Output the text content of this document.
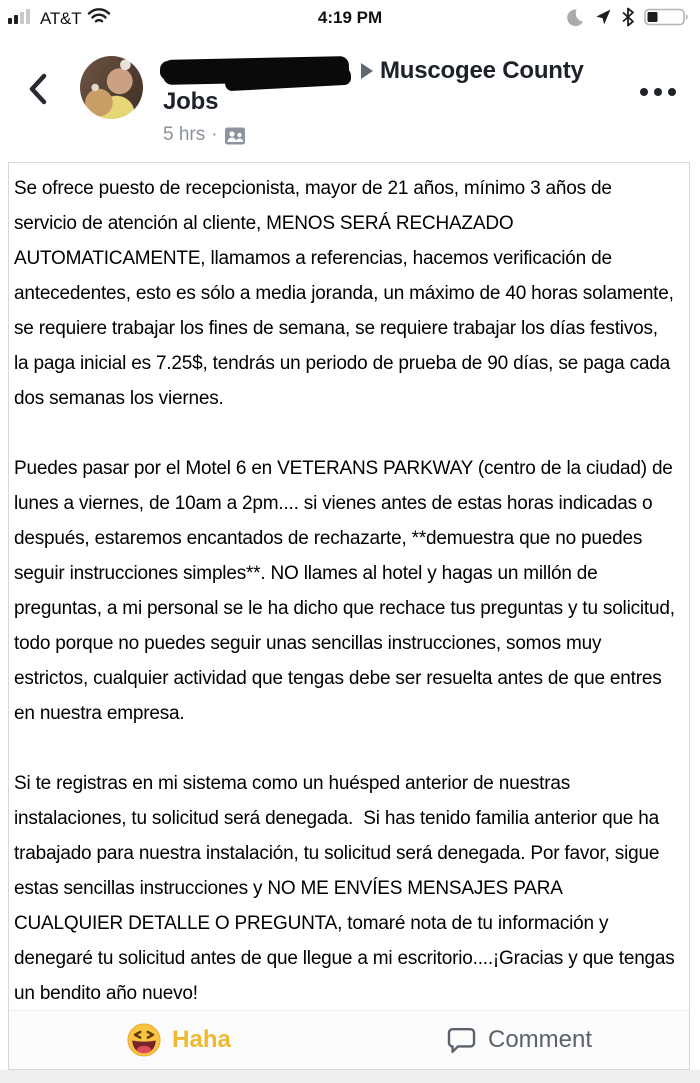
AT&T	4:19 PM
Muscogee County
Jobs
5 hrs ·

Se ofrece puesto de recepcionista, mayor de 21 años, mínimo 3 años de servicio de atención al cliente, MENOS SERÁ RECHAZADO AUTOMATICAMENTE, llamamos a referencias, hacemos verificación de antecedentes, esto es sólo a media joranda, un máximo de 40 horas solamente, se requiere trabajar los fines de semana, se requiere trabajar los días festivos, la paga inicial es 7.25$, tendrás un periodo de prueba de 90 días, se paga cada dos semanas los viernes.

Puedes pasar por el Motel 6 en VETERANS PARKWAY (centro de la ciudad) de lunes a viernes, de 10am a 2pm.... si vienes antes de estas horas indicadas o después, estaremos encantados de rechazarte, **demuestra que no puedes seguir instrucciones simples**. NO llames al hotel y hagas un millón de preguntas, a mi personal se le ha dicho que rechace tus preguntas y tu solicitud, todo porque no puedes seguir unas sencillas instrucciones, somos muy estrictos, cualquier actividad que tengas debe ser resuelta antes de que entres en nuestra empresa.

Si te registras en mi sistema como un huésped anterior de nuestras instalaciones, tu solicitud será denegada.  Si has tenido familia anterior que ha trabajado para nuestra instalación, tu solicitud será denegada. Por favor, sigue estas sencillas instrucciones y NO ME ENVÍES MENSAJES PARA CUALQUIER DETALLE O PREGUNTA, tomaré nota de tu información y denegaré tu solicitud antes de que llegue a mi escritorio....¡Gracias y que tengas un bendito año nuevo!

Haha	Comment
